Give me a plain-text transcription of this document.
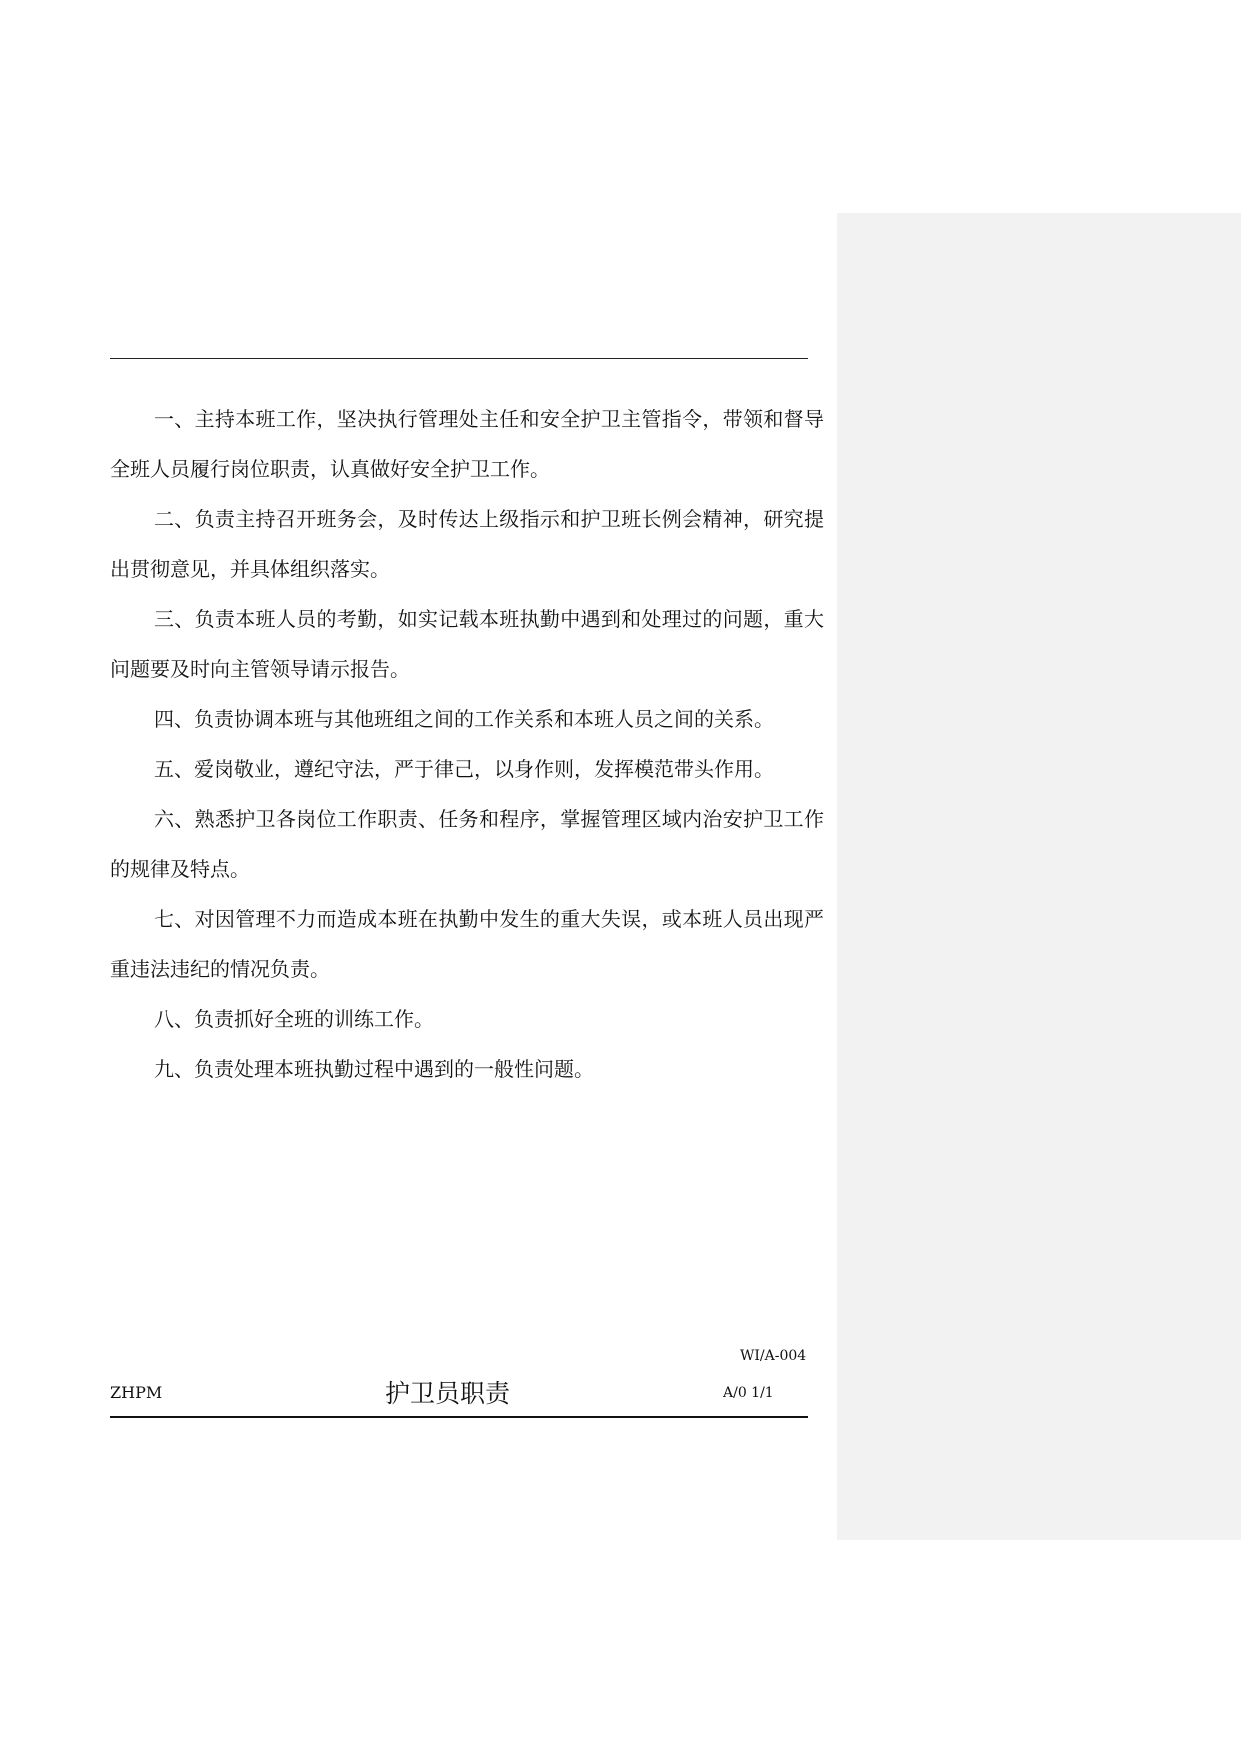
一、主持本班工作，坚决执行管理处主任和安全护卫主管指令，带领和督导全班人员履行岗位职责，认真做好安全护卫工作。

二、负责主持召开班务会，及时传达上级指示和护卫班长例会精神，研究提出贯彻意见，并具体组织落实。

三、负责本班人员的考勤，如实记载本班执勤中遇到和处理过的问题，重大问题要及时向主管领导请示报告。

四、负责协调本班与其他班组之间的工作关系和本班人员之间的关系。

五、爱岗敬业，遵纪守法，严于律己，以身作则，发挥模范带头作用。

六、熟悉护卫各岗位工作职责、任务和程序，掌握管理区域内治安护卫工作的规律及特点。

七、对因管理不力而造成本班在执勤中发生的重大失误，或本班人员出现严重违法违纪的情况负责。

八、负责抓好全班的训练工作。

九、负责处理本班执勤过程中遇到的一般性问题。

WI/A-004
ZHPM	护卫员职责	A/0 1/1
